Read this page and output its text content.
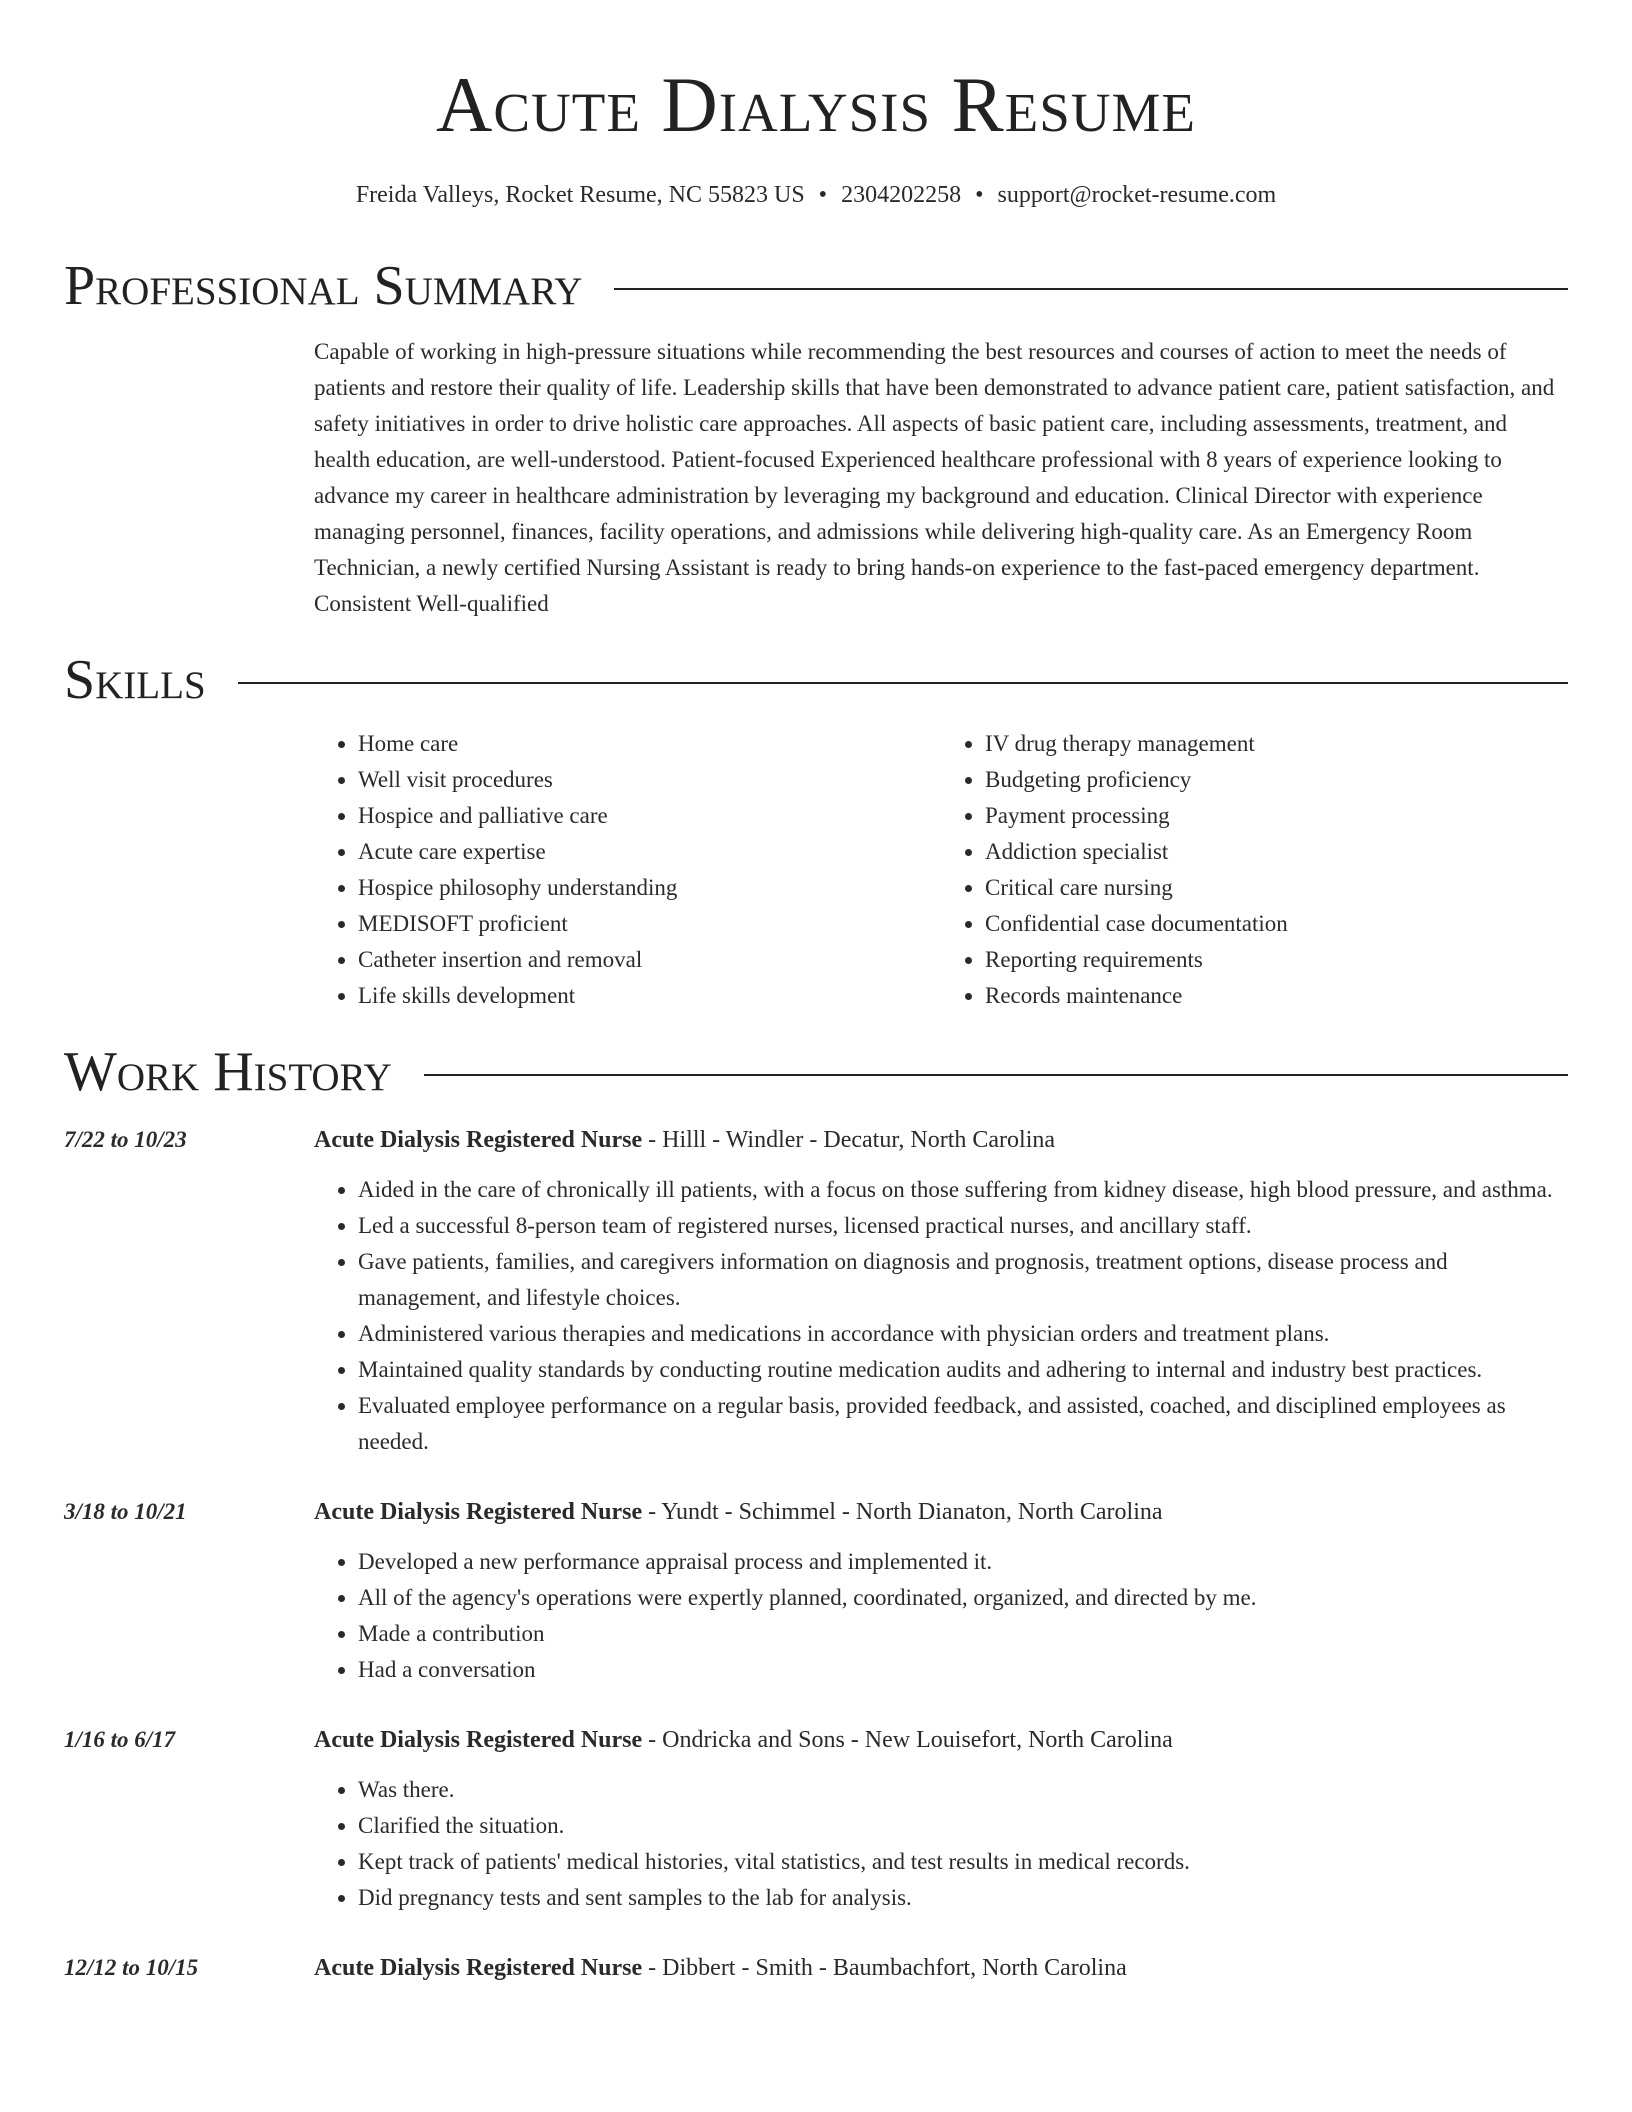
Acute Dialysis Resume
Freida Valleys, Rocket Resume, NC 55823 US • 2304202258 • support@rocket-resume.com
Professional Summary

Capable of working in high-pressure situations while recommending the best resources and courses of action to meet the needs of patients and restore their quality of life. Leadership skills that have been demonstrated to advance patient care, patient satisfaction, and safety initiatives in order to drive holistic care approaches. All aspects of basic patient care, including assessments, treatment, and health education, are well-understood. Patient-focused Experienced healthcare professional with 8 years of experience looking to advance my career in healthcare administration by leveraging my background and education. Clinical Director with experience managing personnel, finances, facility operations, and admissions while delivering high-quality care. As an Emergency Room Technician, a newly certified Nursing Assistant is ready to bring hands-on experience to the fast-paced emergency department. Consistent Well-qualified

Skills
• Home care
• Well visit procedures
• Hospice and palliative care
• Acute care expertise
• Hospice philosophy understanding
• MEDISOFT proficient
• Catheter insertion and removal
• Life skills development
• IV drug therapy management
• Budgeting proficiency
• Payment processing
• Addiction specialist
• Critical care nursing
• Confidential case documentation
• Reporting requirements
• Records maintenance
Work History
7/22 to 10/23	Acute Dialysis Registered Nurse - Hilll - Windler - Decatur, North Carolina
• Aided in the care of chronically ill patients, with a focus on those suffering from kidney disease, high blood pressure, and asthma.
• Led a successful 8-person team of registered nurses, licensed practical nurses, and ancillary staff.
• Gave patients, families, and caregivers information on diagnosis and prognosis, treatment options, disease process and management, and lifestyle choices.
• Administered various therapies and medications in accordance with physician orders and treatment plans.
• Maintained quality standards by conducting routine medication audits and adhering to internal and industry best practices.
• Evaluated employee performance on a regular basis, provided feedback, and assisted, coached, and disciplined employees as needed.
3/18 to 10/21	Acute Dialysis Registered Nurse - Yundt - Schimmel - North Dianaton, North Carolina
• Developed a new performance appraisal process and implemented it.
• All of the agency's operations were expertly planned, coordinated, organized, and directed by me.
• Made a contribution
• Had a conversation
1/16 to 6/17	Acute Dialysis Registered Nurse - Ondricka and Sons - New Louisefort, North Carolina
• Was there.
• Clarified the situation.
• Kept track of patients' medical histories, vital statistics, and test results in medical records.
• Did pregnancy tests and sent samples to the lab for analysis.
12/12 to 10/15	Acute Dialysis Registered Nurse - Dibbert - Smith - Baumbachfort, North Carolina
